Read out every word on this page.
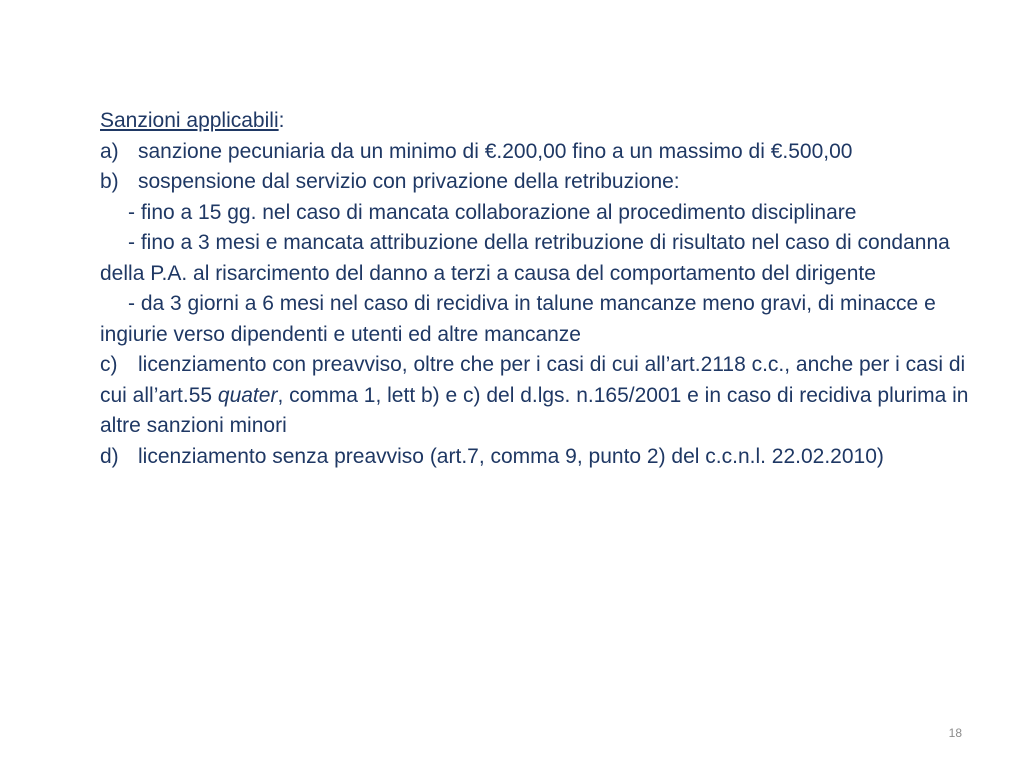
Sanzioni applicabili:

a) sanzione pecuniaria da un minimo di €.200,00 fino a un massimo di €.500,00

b) sospensione dal servizio con privazione della retribuzione:

- fino a 15 gg. nel caso di mancata collaborazione al procedimento disciplinare

- fino a 3 mesi e mancata attribuzione della retribuzione di risultato nel caso di condanna della P.A. al risarcimento del danno a terzi a causa del comportamento del dirigente

- da 3 giorni a 6 mesi nel caso di recidiva in talune mancanze meno gravi, di minacce e ingiurie verso dipendenti e utenti ed altre mancanze

c) licenziamento con preavviso, oltre che per i casi di cui all’art.2118 c.c., anche per i casi di cui all’art.55 quater, comma 1, lett b) e c) del d.lgs. n.165/2001 e in caso di recidiva plurima in altre sanzioni minori

d) licenziamento senza preavviso (art.7, comma 9, punto 2) del c.c.n.l. 22.02.2010)

18
